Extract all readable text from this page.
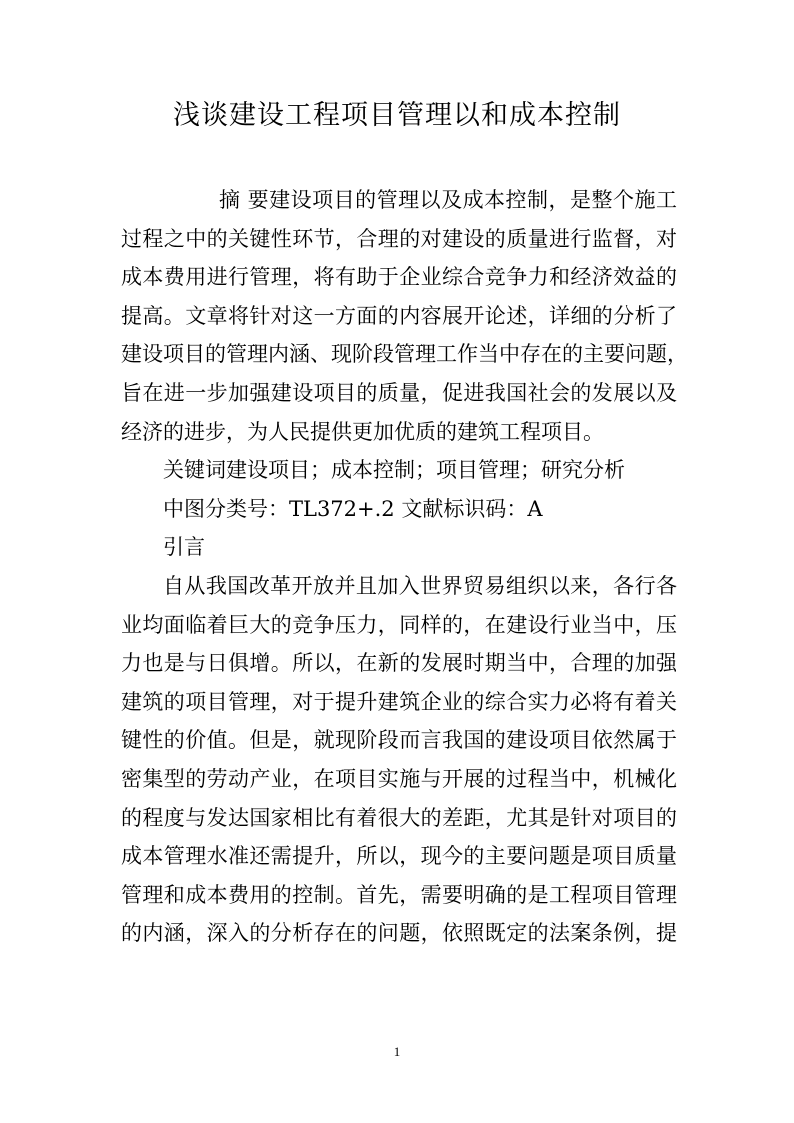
浅谈建设工程项目管理以和成本控制
摘 要建设项目的管理以及成本控制，是整个施工
过程之中的关键性环节，合理的对建设的质量进行监督，对
成本费用进行管理，将有助于企业综合竞争力和经济效益的
提高。文章将针对这一方面的内容展开论述，详细的分析了
建设项目的管理内涵、现阶段管理工作当中存在的主要问题，
旨在进一步加强建设项目的质量，促进我国社会的发展以及
经济的进步，为人民提供更加优质的建筑工程项目。
关键词建设项目；成本控制；项目管理；研究分析
中图分类号：TL372+.2 文献标识码：A
引言
自从我国改革开放并且加入世界贸易组织以来，各行各
业均面临着巨大的竞争压力，同样的，在建设行业当中，压
力也是与日俱增。所以，在新的发展时期当中，合理的加强
建筑的项目管理，对于提升建筑企业的综合实力必将有着关
键性的价值。但是，就现阶段而言我国的建设项目依然属于
密集型的劳动产业，在项目实施与开展的过程当中，机械化
的程度与发达国家相比有着很大的差距，尤其是针对项目的
成本管理水准还需提升，所以，现今的主要问题是项目质量
管理和成本费用的控制。首先，需要明确的是工程项目管理
的内涵，深入的分析存在的问题，依照既定的法案条例，提
1
